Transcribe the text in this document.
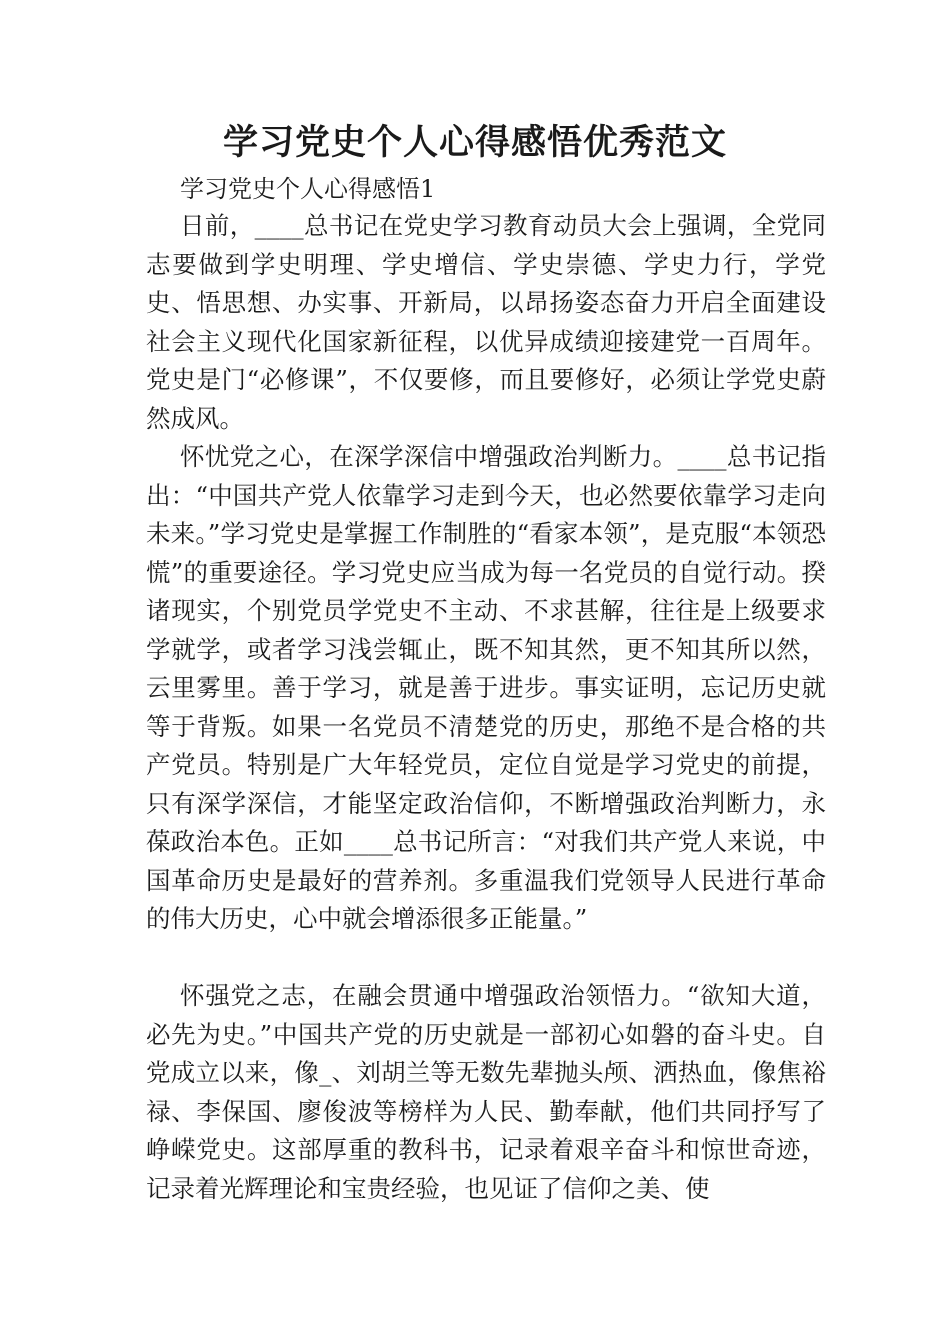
学习党史个人心得感悟优秀范文

学习党史个人心得感悟1

日前，____总书记在党史学习教育动员大会上强调，全党同志要做到学史明理、学史增信、学史崇德、学史力行，学党史、悟思想、办实事、开新局，以昂扬姿态奋力开启全面建设社会主义现代化国家新征程，以优异成绩迎接建党一百周年。党史是门“必修课”，不仅要修，而且要修好，必须让学党史蔚然成风。

怀忧党之心，在深学深信中增强政治判断力。____总书记指出：“中国共产党人依靠学习走到今天，也必然要依靠学习走向未来。”学习党史是掌握工作制胜的“看家本领”，是克服“本领恐慌”的重要途径。学习党史应当成为每一名党员的自觉行动。揆诸现实，个别党员学党史不主动、不求甚解，往往是上级要求学就学，或者学习浅尝辄止，既不知其然，更不知其所以然，云里雾里。善于学习，就是善于进步。事实证明，忘记历史就等于背叛。如果一名党员不清楚党的历史，那绝不是合格的共产党员。特别是广大年轻党员，定位自觉是学习党史的前提，只有深学深信，才能坚定政治信仰，不断增强政治判断力，永葆政治本色。正如____总书记所言：“对我们共产党人来说，中国革命历史是最好的营养剂。多重温我们党领导人民进行革命的伟大历史，心中就会增添很多正能量。”

怀强党之志，在融会贯通中增强政治领悟力。“欲知大道，必先为史。”中国共产党的历史就是一部初心如磐的奋斗史。自党成立以来，像_、刘胡兰等无数先辈抛头颅、洒热血，像焦裕禄、李保国、廖俊波等榜样为人民、勤奉献，他们共同抒写了峥嵘党史。这部厚重的教科书，记录着艰辛奋斗和惊世奇迹，记录着光辉理论和宝贵经验，也见证了信仰之美、使
